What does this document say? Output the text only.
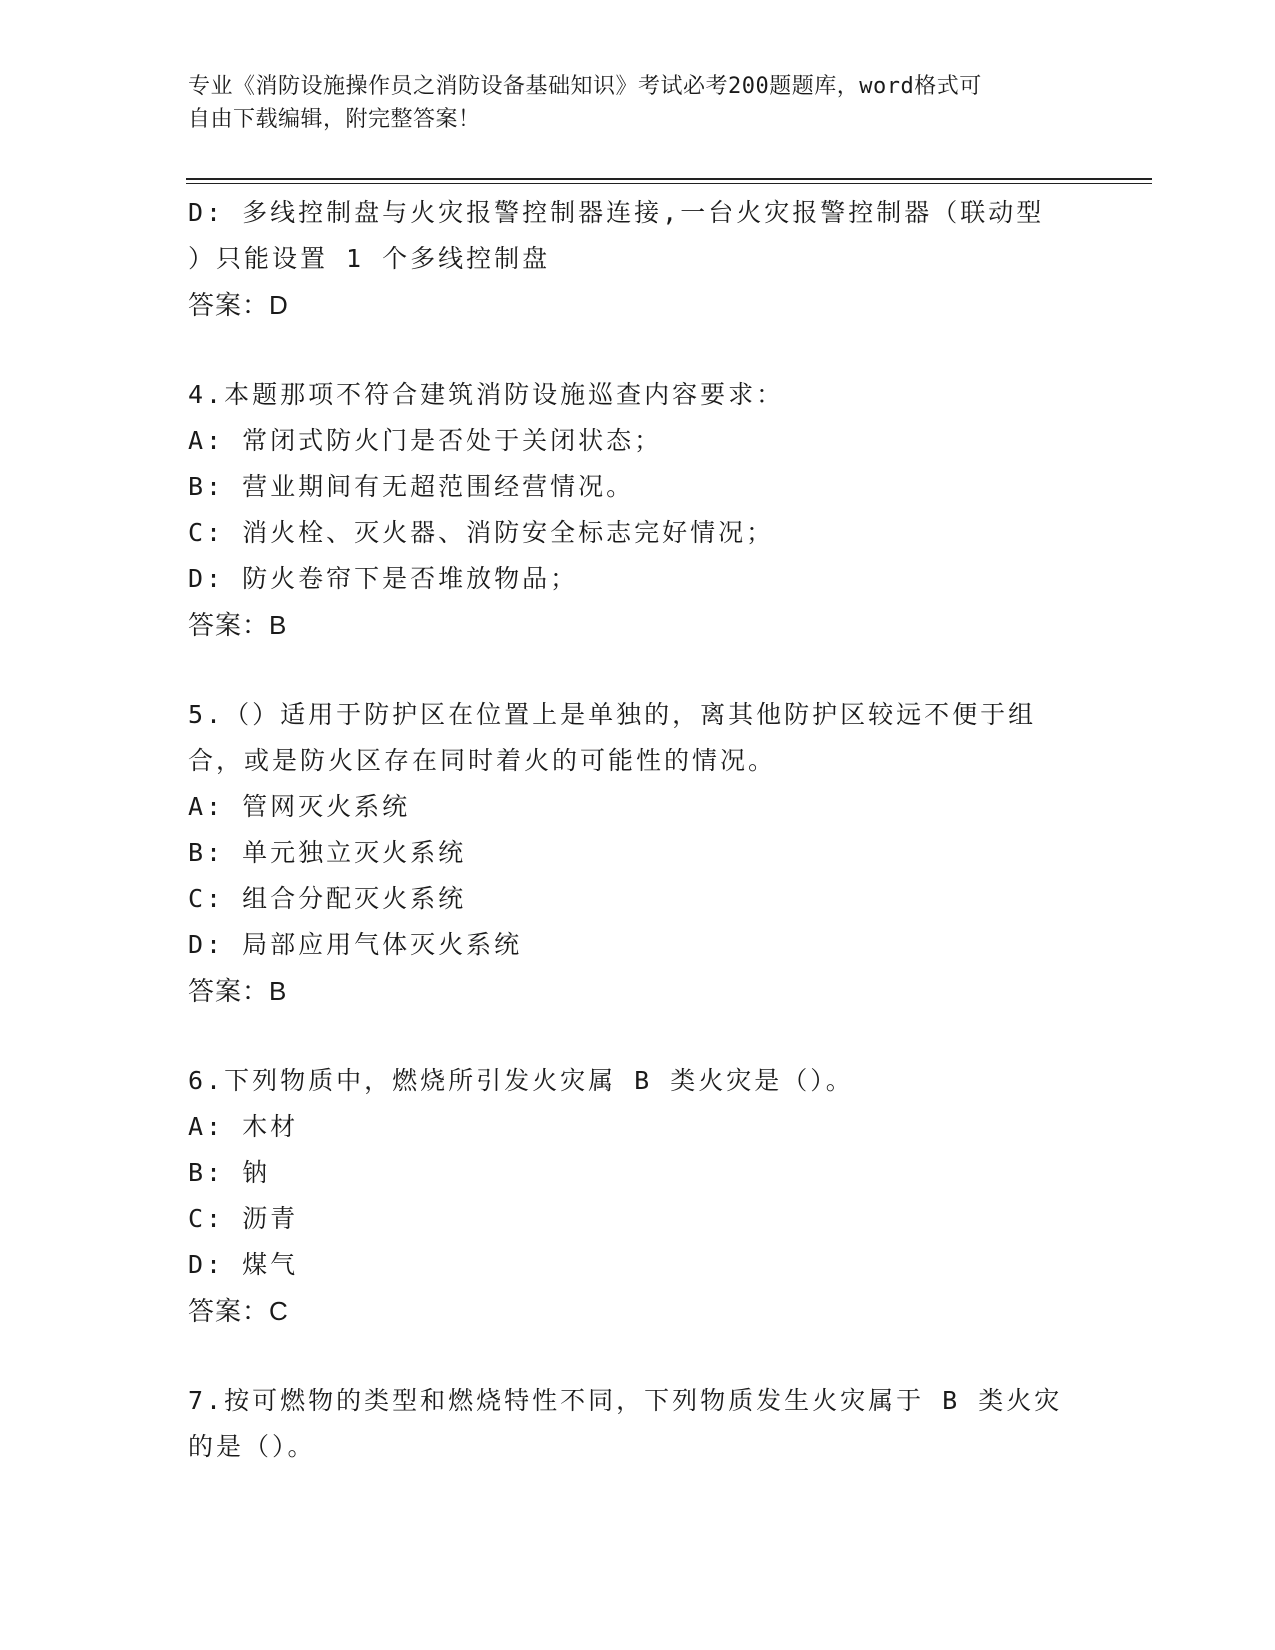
专业《消防设施操作员之消防设备基础知识》考试必考200题题库，word格式可
自由下载编辑，附完整答案！
D: 多线控制盘与火灾报警控制器连接,一台火灾报警控制器（联动型
）只能设置 1 个多线控制盘
答案：D
4.本题那项不符合建筑消防设施巡查内容要求：
A: 常闭式防火门是否处于关闭状态；
B: 营业期间有无超范围经营情况。
C: 消火栓、灭火器、消防安全标志完好情况；
D: 防火卷帘下是否堆放物品；
答案：B
5.（）适用于防护区在位置上是单独的，离其他防护区较远不便于组
合，或是防火区存在同时着火的可能性的情况。
A: 管网灭火系统
B: 单元独立灭火系统
C: 组合分配灭火系统
D: 局部应用气体灭火系统
答案：B
6.下列物质中，燃烧所引发火灾属 B 类火灾是（）。
A: 木材
B: 钠
C: 沥青
D: 煤气
答案：C
7.按可燃物的类型和燃烧特性不同，下列物质发生火灾属于 B 类火灾
的是（）。
